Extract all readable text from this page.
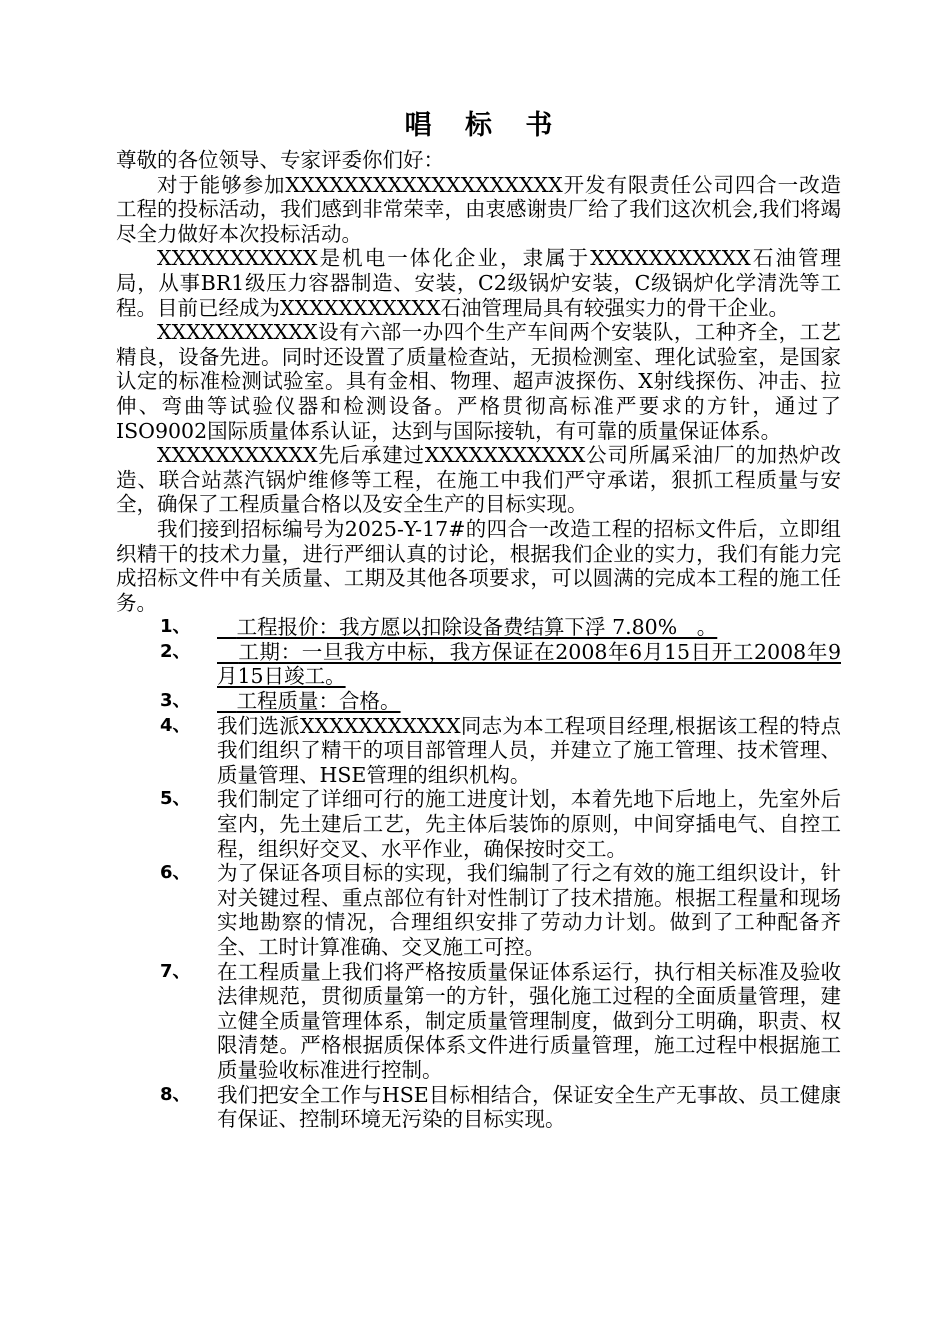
唱 标 书

尊敬的各位领导、专家评委你们好：

对于能够参加XXXXXXXXXXXXXXXXXXX开发有限责任公司四合一改造工程的投标活动，我们感到非常荣幸，由衷感谢贵厂给了我们这次机会,我们将竭尽全力做好本次投标活动。

XXXXXXXXXXX是机电一体化企业，隶属于XXXXXXXXXXX石油管理局，从事BR1级压力容器制造、安装，C2级锅炉安装，C级锅炉化学清洗等工程。目前已经成为XXXXXXXXXXX石油管理局具有较强实力的骨干企业。

XXXXXXXXXXX设有六部一办四个生产车间两个安装队，工种齐全，工艺精良，设备先进。同时还设置了质量检查站，无损检测室、理化试验室，是国家认定的标准检测试验室。具有金相、物理、超声波探伤、X射线探伤、冲击、拉伸、弯曲等试验仪器和检测设备。严格贯彻高标准严要求的方针，通过了ISO9002国际质量体系认证，达到与国际接轨，有可靠的质量保证体系。

XXXXXXXXXXX先后承建过XXXXXXXXXXX公司所属采油厂的加热炉改造、联合站蒸汽锅炉维修等工程，在施工中我们严守承诺，狠抓工程质量与安全，确保了工程质量合格以及安全生产的目标实现。

我们接到招标编号为2025-Y-17#的四合一改造工程的招标文件后，立即组织精干的技术力量，进行严细认真的讨论，根据我们企业的实力，我们有能力完成招标文件中有关质量、工期及其他各项要求，可以圆满的完成本工程的施工任务。

1、	工程报价：我方愿以扣除设备费结算下浮 7.80%   。
2、	工期：一旦我方中标，我方保证在2008年6月15日开工2008年9月15日竣工。
3、	工程质量：合格。
4、	我们选派XXXXXXXXXXX同志为本工程项目经理,根据该工程的特点我们组织了精干的项目部管理人员，并建立了施工管理、技术管理、质量管理、HSE管理的组织机构。
5、	我们制定了详细可行的施工进度计划，本着先地下后地上，先室外后室内，先土建后工艺，先主体后装饰的原则，中间穿插电气、自控工程，组织好交叉、水平作业，确保按时交工。
6、	为了保证各项目标的实现，我们编制了行之有效的施工组织设计，针对关键过程、重点部位有针对性制订了技术措施。根据工程量和现场实地勘察的情况，合理组织安排了劳动力计划。做到了工种配备齐全、工时计算准确、交叉施工可控。
7、	在工程质量上我们将严格按质量保证体系运行，执行相关标准及验收法律规范，贯彻质量第一的方针，强化施工过程的全面质量管理，建立健全质量管理体系，制定质量管理制度，做到分工明确，职责、权限清楚。严格根据质保体系文件进行质量管理，施工过程中根据施工质量验收标准进行控制。
8、	我们把安全工作与HSE目标相结合，保证安全生产无事故、员工健康有保证、控制环境无污染的目标实现。
